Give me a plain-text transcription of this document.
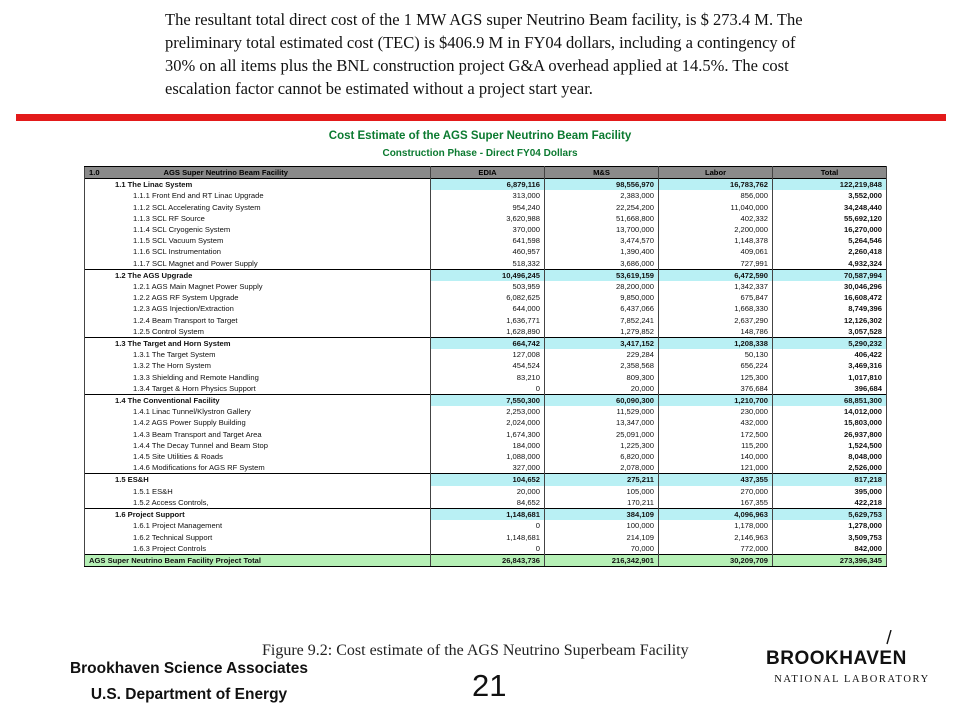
The resultant total direct cost of the 1 MW AGS super Neutrino Beam facility, is $ 273.4 M. The preliminary total estimated cost (TEC) is $406.9 M in FY04 dollars, including a contingency of 30% on all items plus the BNL construction project G&A overhead applied at 14.5%. The cost escalation factor cannot be estimated without a project start year.

Cost Estimate of the AGS Super Neutrino Beam Facility
Construction Phase - Direct FY04 Dollars
1.0 AGS Super Neutrino Beam Facility	EDIA	M&S	Labor	Total
1.1 The Linac System	6,879,116	98,556,970	16,783,762	122,219,848
1.1.1 Front End and RT Linac Upgrade	313,000	2,383,000	856,000	3,552,000
1.1.2 SCL Accelerating Cavity System	954,240	22,254,200	11,040,000	34,248,440
1.1.3 SCL RF Source	3,620,988	51,668,800	402,332	55,692,120
1.1.4 SCL Cryogenic System	370,000	13,700,000	2,200,000	16,270,000
1.1.5 SCL Vacuum System	641,598	3,474,570	1,148,378	5,264,546
1.1.6 SCL Instrumentation	460,957	1,390,400	409,061	2,260,418
1.1.7 SCL Magnet and Power Supply	518,332	3,686,000	727,991	4,932,324
1.2 The AGS Upgrade	10,496,245	53,619,159	6,472,590	70,587,994
1.2.1 AGS Main Magnet Power Supply	503,959	28,200,000	1,342,337	30,046,296
1.2.2 AGS RF System Upgrade	6,082,625	9,850,000	675,847	16,608,472
1.2.3 AGS Injection/Extraction	644,000	6,437,066	1,668,330	8,749,396
1.2.4 Beam Transport to Target	1,636,771	7,852,241	2,637,290	12,126,302
1.2.5 Control System	1,628,890	1,279,852	148,786	3,057,528
1.3 The Target and Horn System	664,742	3,417,152	1,208,338	5,290,232
1.3.1 The Target System	127,008	229,284	50,130	406,422
1.3.2 The Horn System	454,524	2,358,568	656,224	3,469,316
1.3.3 Shielding and Remote Handling	83,210	809,300	125,300	1,017,810
1.3.4 Target & Horn Physics Support	0	20,000	376,684	396,684
1.4 The Conventional Facility	7,550,300	60,090,300	1,210,700	68,851,300
1.4.1 Linac Tunnel/Klystron Gallery	2,253,000	11,529,000	230,000	14,012,000
1.4.2 AGS Power Supply Building	2,024,000	13,347,000	432,000	15,803,000
1.4.3 Beam Transport and Target Area	1,674,300	25,091,000	172,500	26,937,800
1.4.4 The Decay Tunnel and Beam Stop	184,000	1,225,300	115,200	1,524,500
1.4.5 Site Utilities & Roads	1,088,000	6,820,000	140,000	8,048,000
1.4.6 Modifications for AGS RF System	327,000	2,078,000	121,000	2,526,000
1.5 ES&H	104,652	275,211	437,355	817,218
1.5.1 ES&H	20,000	105,000	270,000	395,000
1.5.2 Access Controls,	84,652	170,211	167,355	422,218
1.6 Project Support	1,148,681	384,109	4,096,963	5,629,753
1.6.1 Project Management	0	100,000	1,178,000	1,278,000
1.6.2 Technical Support	1,148,681	214,109	2,146,963	3,509,753
1.6.3 Project Controls	0	70,000	772,000	842,000
AGS Super Neutrino Beam Facility Project Total	26,843,736	216,342,901	30,209,709	273,396,345
Figure 9.2: Cost estimate of the AGS Neutrino Superbeam Facility
Brookhaven Science Associates
U.S. Department of Energy	21
BROOKHAVEN
NATIONAL LABORATORY
